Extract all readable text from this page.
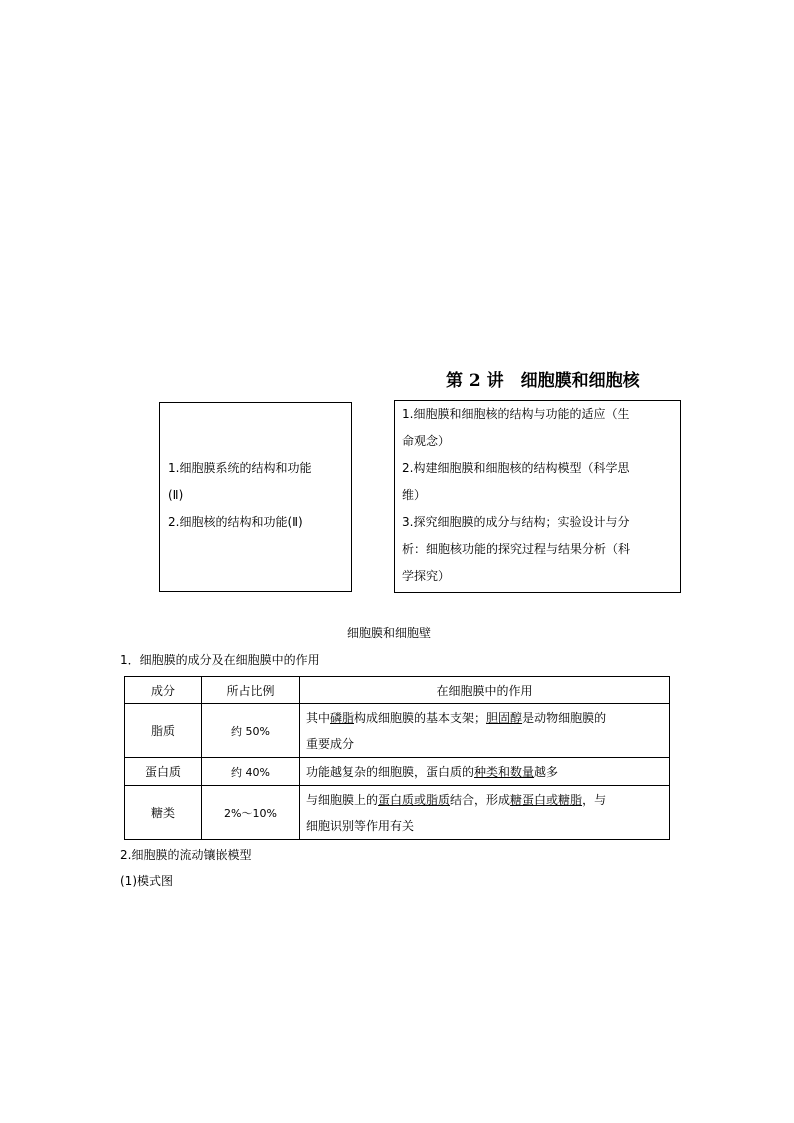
第 2 讲　细胞膜和细胞核
1.细胞膜系统的结构和功能
(Ⅱ)
2.细胞核的结构和功能(Ⅱ)
1.细胞膜和细胞核的结构与功能的适应（生
命观念）
2.构建细胞膜和细胞核的结构模型（科学思
维）
3.探究细胞膜的成分与结构；实验设计与分
析：细胞核功能的探究过程与结果分析（科
学探究）
细胞膜和细胞壁
1．细胞膜的成分及在细胞膜中的作用
成分	所占比例	在细胞膜中的作用
脂质	约 50%	其中磷脂构成细胞膜的基本支架；胆固醇是动物细胞膜的
重要成分
蛋白质	约 40%	功能越复杂的细胞膜，蛋白质的种类和数量越多
糖类	2%～10%	与细胞膜上的蛋白质或脂质结合，形成糖蛋白或糖脂，与
细胞识别等作用有关
2.细胞膜的流动镶嵌模型
(1)模式图
